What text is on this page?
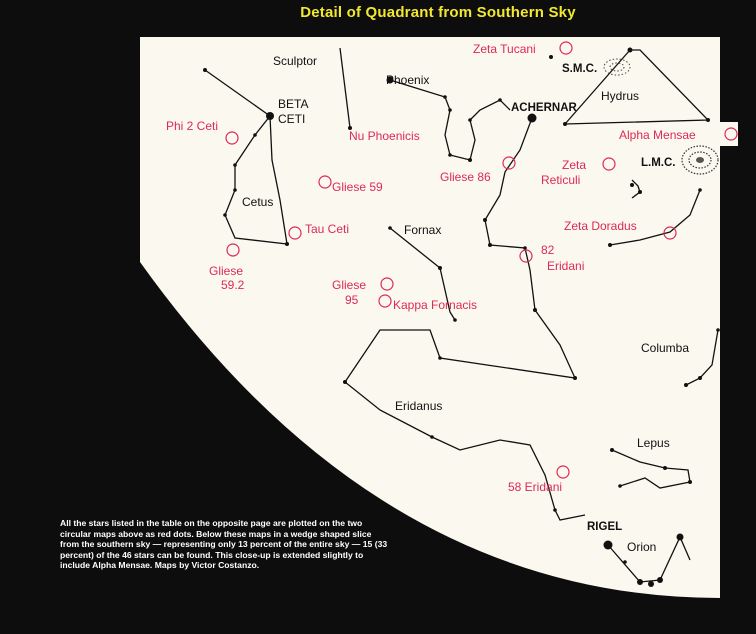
Detail of Quadrant from Southern Sky
Sculptor
Phoenix
Hydrus
Cetus
Fornax
Columba
Eridanus
Lepus
Orion
BETA
CETI
ACHERNAR
RIGEL
S.M.C.
L.M.C.
Zeta Tucani
Phi 2 Ceti
Nu Phoenicis	Alpha Mensae
Zeta
Reticuli
Gliese 59
Gliese 86
Tau Ceti	Zeta Doradus
Gliese
59.2
82
Eridani
Gliese
95	Kappa Fornacis
58 Eridani
All the stars listed in the table on the opposite page are plotted on the two circular maps above as red dots. Below these maps in a wedge shaped slice from the southern sky — representing only 13 percent of the entire sky — 15 (33 percent) of the 46 stars can be found. This close-up is extended slightly to include Alpha Mensae. Maps by Victor Costanzo.
